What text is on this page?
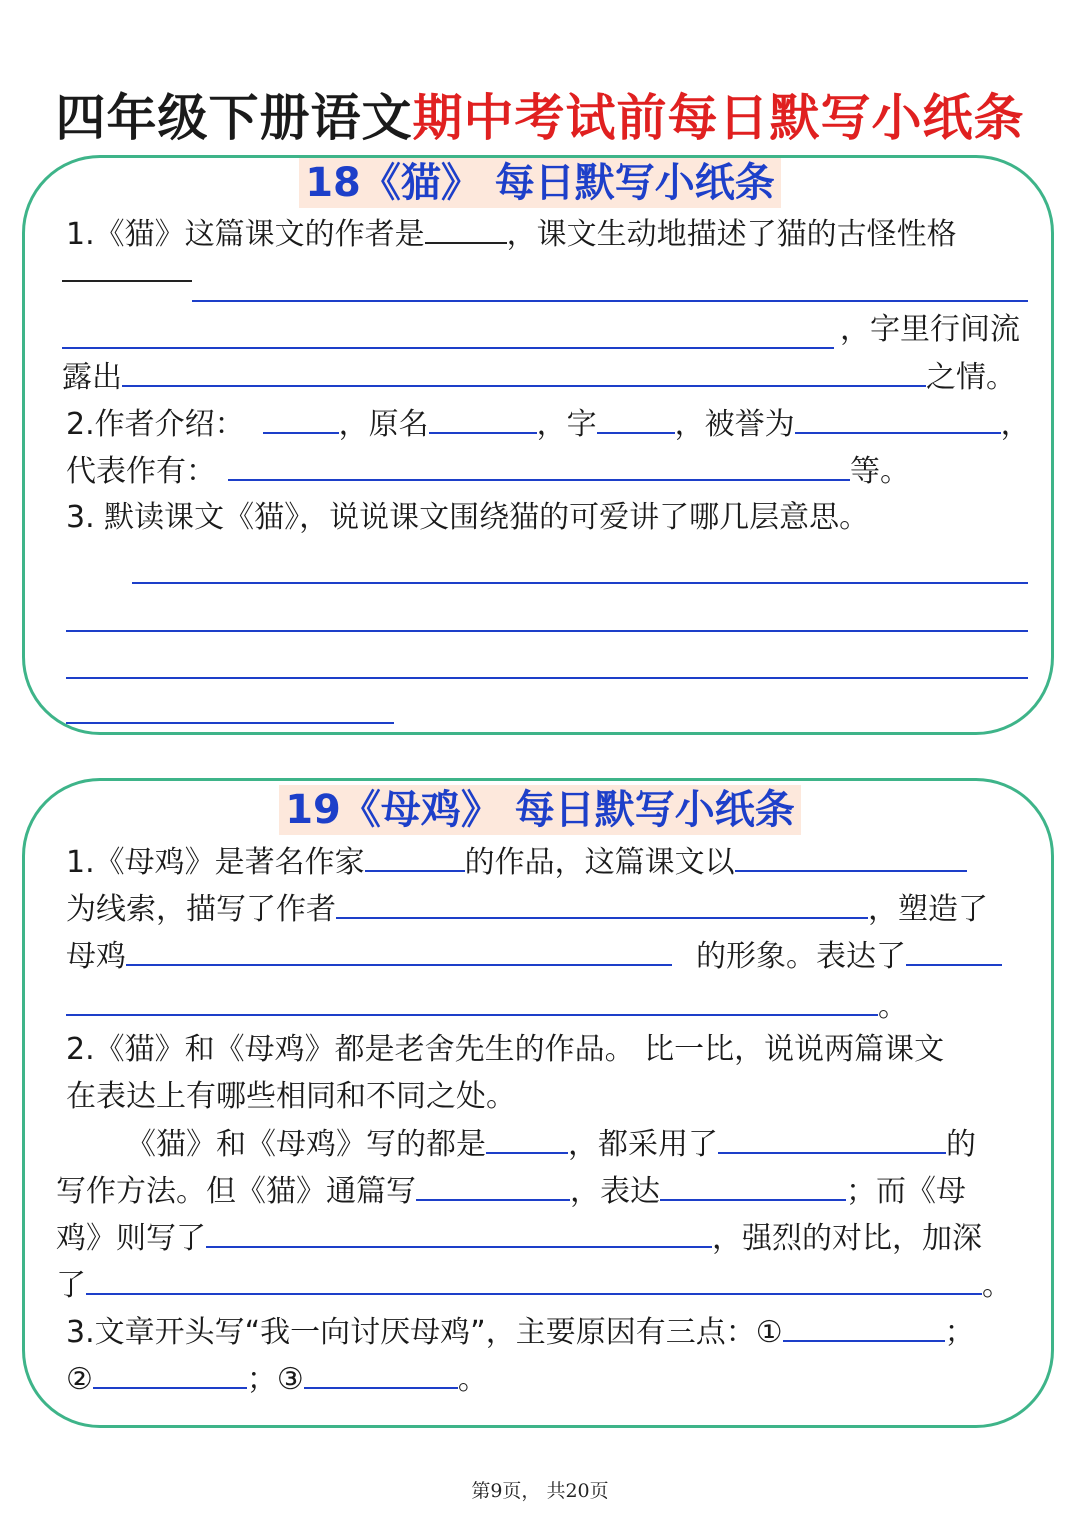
四年级下册语文期中考试前每日默写小纸条
18《猫》 每日默写小纸条
1.《猫》这篇课文的作者是	，课文生动地描述了猫的古怪性格
，字里行间流
露出	之情。
2.作者介绍：	，原名	，字	，被誉为	，
代表作有：	等。
3. 默读课文《猫》，说说课文围绕猫的可爱讲了哪几层意思。
19《母鸡》 每日默写小纸条
1.《母鸡》是著名作家	的作品，这篇课文以
为线索，描写了作者	，塑造了
母鸡	的形象。表达了
。
2.《猫》和《母鸡》都是老舍先生的作品。 比一比，说说两篇课文
在表达上有哪些相同和不同之处。
《猫》和《母鸡》写的都是	，都采用了	的
写作方法。但《猫》通篇写	，表达	；而《母
鸡》则写了	，强烈的对比，加深
了	。
3.文章开头写“我一向讨厌母鸡”，主要原因有三点：①	；
②	；③	。
第9页， 共20页
